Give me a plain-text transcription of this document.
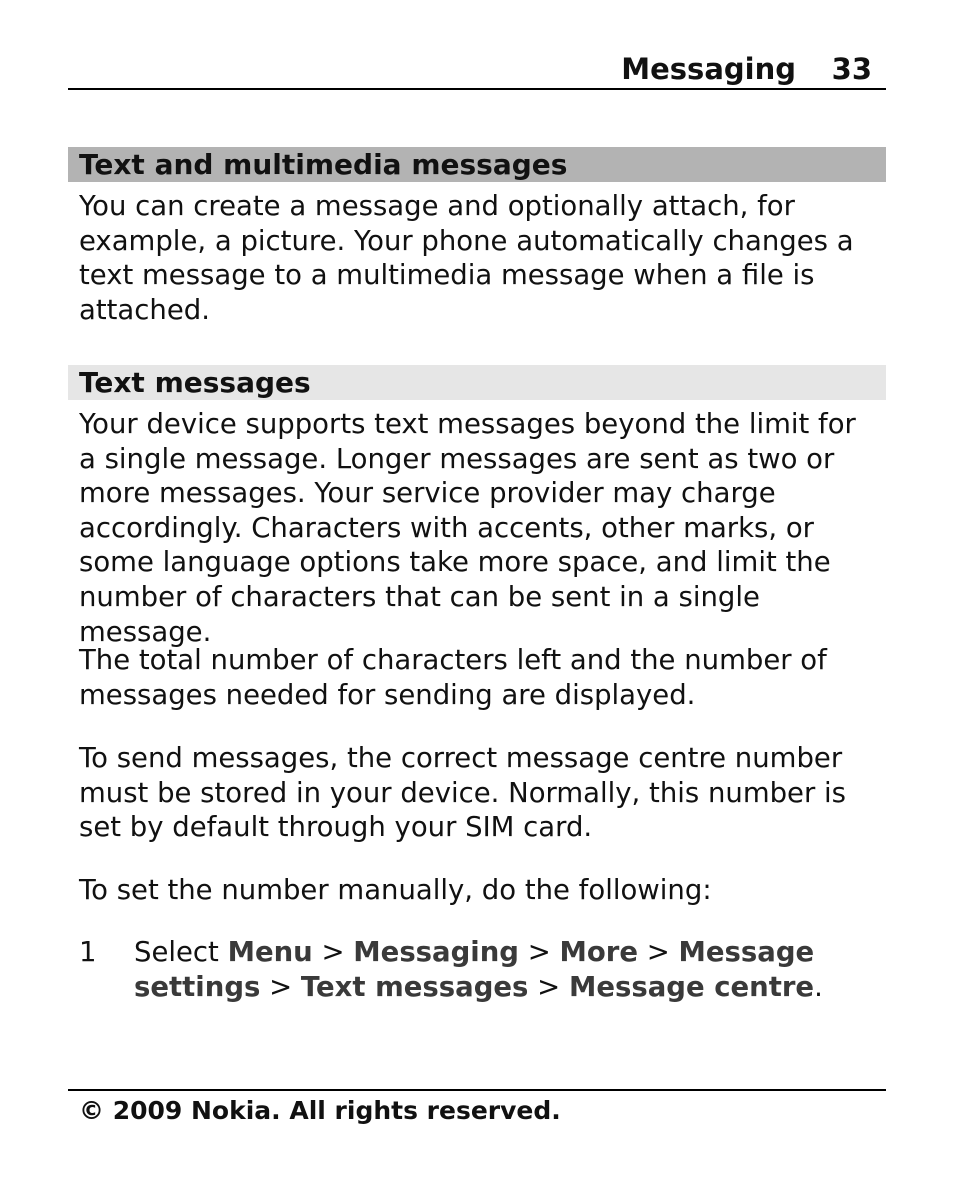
Messaging 33
Text and multimedia messages

You can create a message and optionally attach, for example, a picture. Your phone automatically changes a text message to a multimedia message when a file is attached.

Text messages

Your device supports text messages beyond the limit for a single message. Longer messages are sent as two or more messages. Your service provider may charge accordingly. Characters with accents, other marks, or some language options take more space, and limit the number of characters that can be sent in a single message.

The total number of characters left and the number of messages needed for sending are displayed.

To send messages, the correct message centre number must be stored in your device. Normally, this number is set by default through your SIM card.

To set the number manually, do the following:

1 Select Menu > Messaging > More > Message settings > Text messages > Message centre.
© 2009 Nokia. All rights reserved.
